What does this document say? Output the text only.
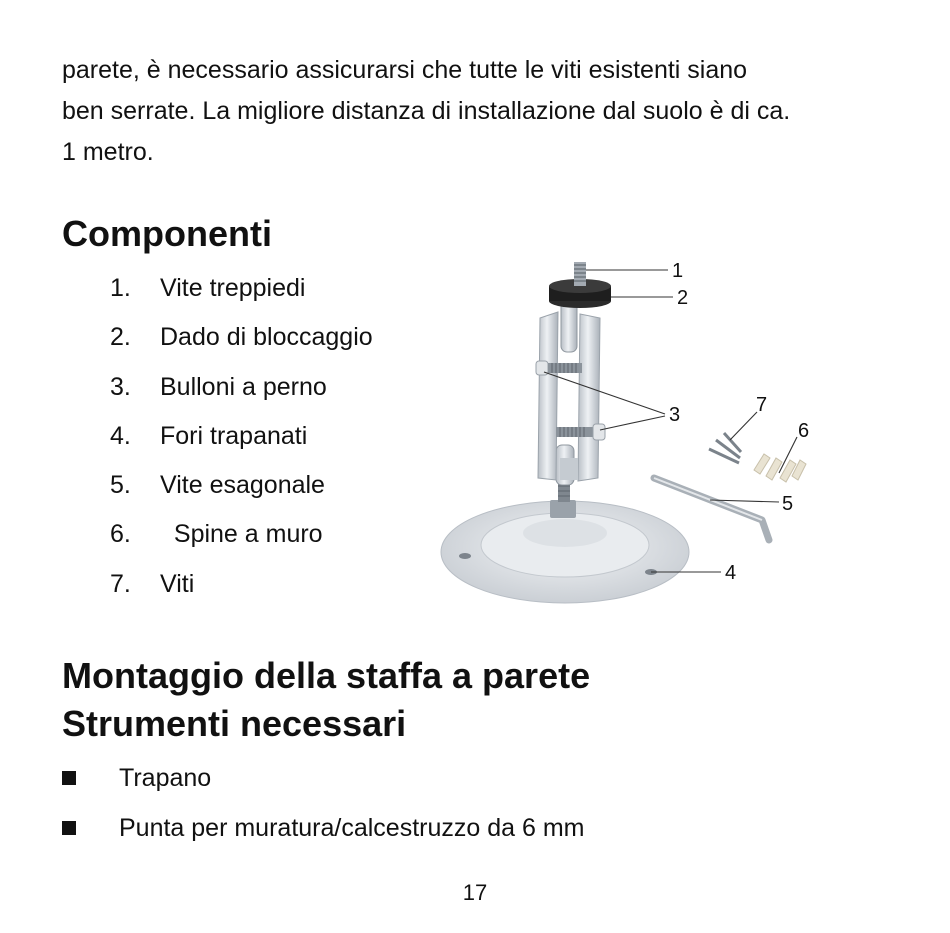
parete, è necessario assicurarsi che tutte le viti esistenti siano
ben serrate. La migliore distanza di installazione dal suolo è di ca.
1 metro.

Componenti
1. Vite treppiedi
2. Dado di bloccaggio
3. Bulloni a perno
4. Fori trapanati
5. Vite esagonale
6.  Spine a muro
7. Viti
1
2
3
4
5
6
7
Montaggio della staffa a parete
Strumenti necessari
Trapano
Punta per muratura/calcestruzzo da 6 mm
17
